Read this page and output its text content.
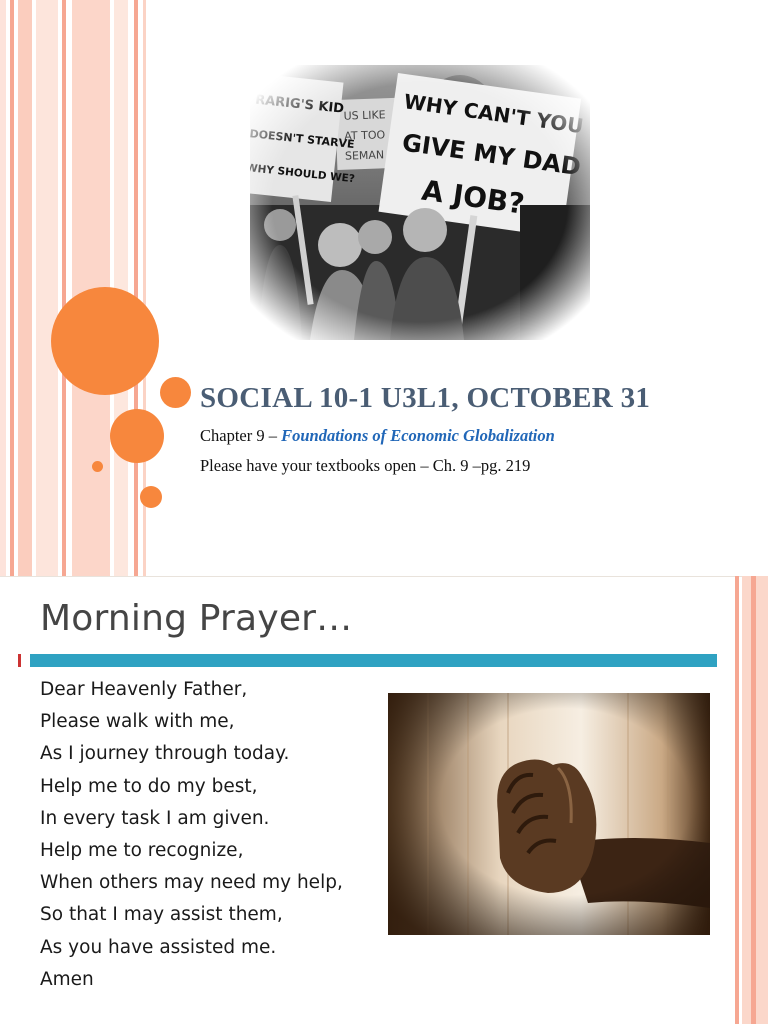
SOCIAL 10-1 U3L1, OCTOBER 31

Chapter 9 – Foundations of Economic Globalization

Please have your textbooks open – Ch. 9 –pg. 219

Morning Prayer…
Dear Heavenly Father,
Please walk with me,
As I journey through today.
Help me to do my best,
In every task I am given.
Help me to recognize,
When others may need my help,
So that I may assist them,
As you have assisted me.
Amen
